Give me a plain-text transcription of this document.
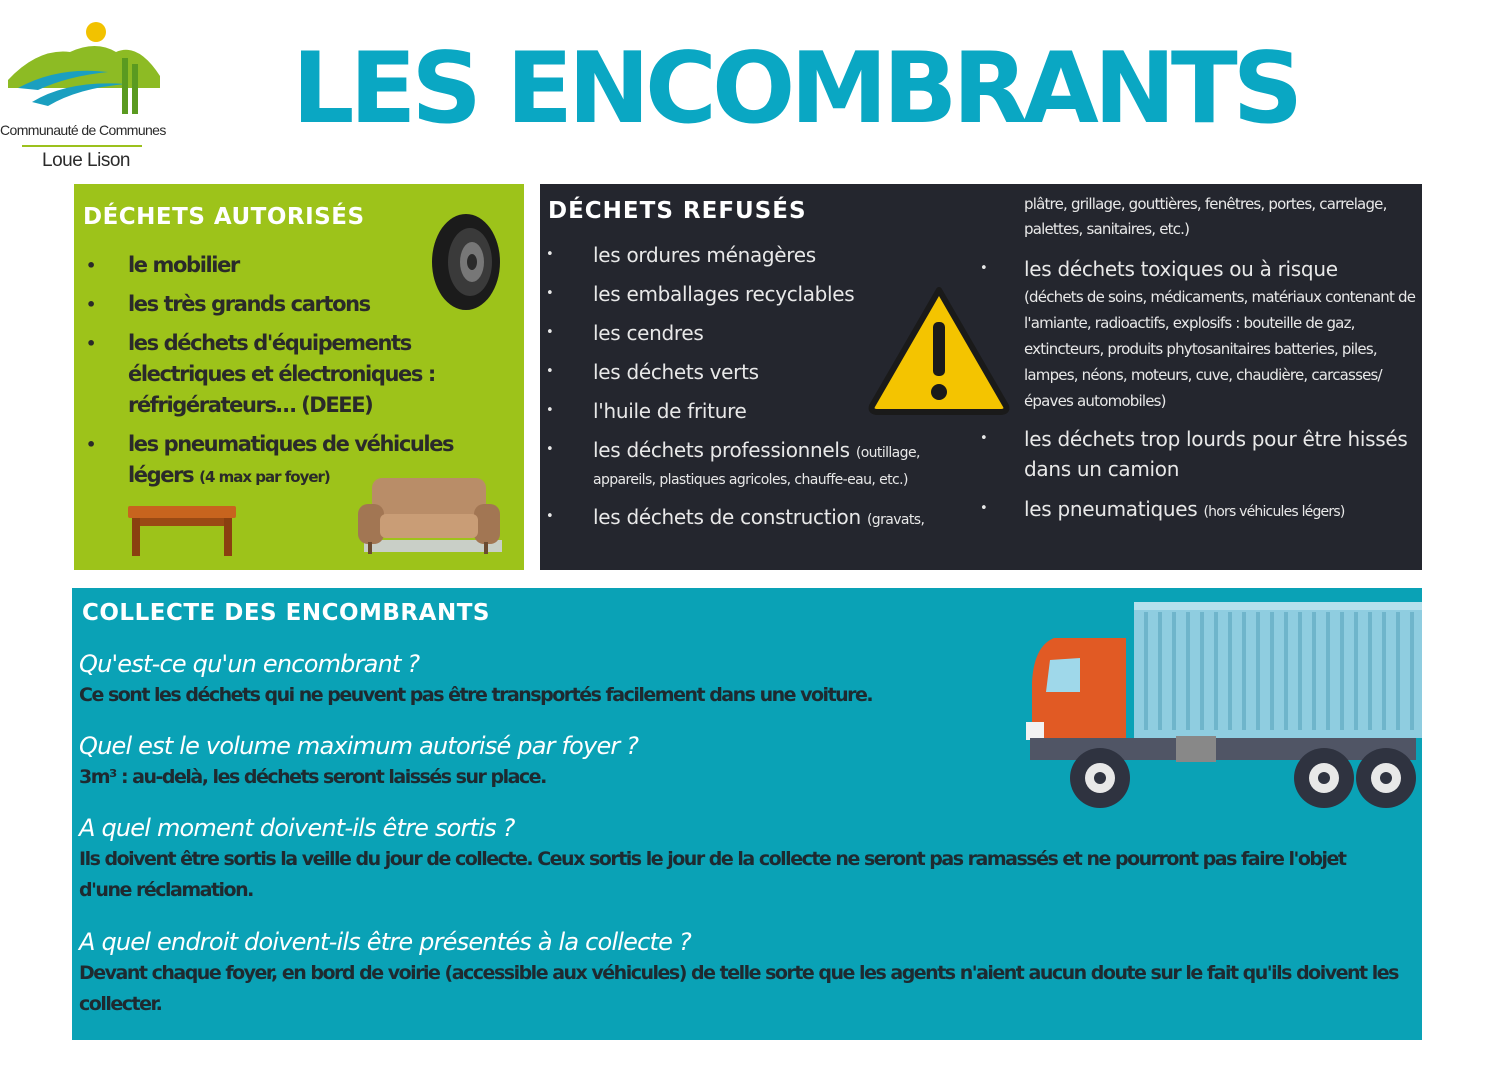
Communauté de Communes
Loue Lison
LES ENCOMBRANTS
DÉCHETS AUTORISÉS
• le mobilier
• les très grands cartons
• les déchets d'équipements électriques et électroniques : réfrigérateurs… (DEEE)
• les pneumatiques de véhicules légers (4 max par foyer)
DÉCHETS REFUSÉS
• les ordures ménagères
• les emballages recyclables
• les cendres
• les déchets verts
• l'huile de friture
• les déchets professionnels (outillage, appareils, plastiques agricoles, chauffe-eau, etc.)
• les déchets de construction (gravats,
plâtre, grillage, gouttières, fenêtres, portes, carrelage, palettes, sanitaires, etc.)
• les déchets toxiques ou à risque
(déchets de soins, médicaments, matériaux contenant de l'amiante, radioactifs, explosifs : bouteille de gaz, extincteurs, produits phytosanitaires batteries, piles, lampes, néons, moteurs, cuve, chaudière, carcasses/ épaves automobiles)
• les déchets trop lourds pour être hissés dans un camion
• les pneumatiques (hors véhicules légers)
COLLECTE DES ENCOMBRANTS
Qu'est-ce qu'un encombrant ?
Ce sont les déchets qui ne peuvent pas être transportés facilement dans une voiture.
Quel est le volume maximum autorisé par foyer ?
3m³ : au-delà, les déchets seront laissés sur place.
A quel moment doivent-ils être sortis ?
Ils doivent être sortis la veille du jour de collecte. Ceux sortis le jour de la collecte ne seront pas ramassés et ne pourront pas faire l'objet d'une réclamation.
A quel endroit doivent-ils être présentés à la collecte ?
Devant chaque foyer, en bord de voirie (accessible aux véhicules) de telle sorte que les agents n'aient aucun doute sur le fait qu'ils doivent les collecter.
